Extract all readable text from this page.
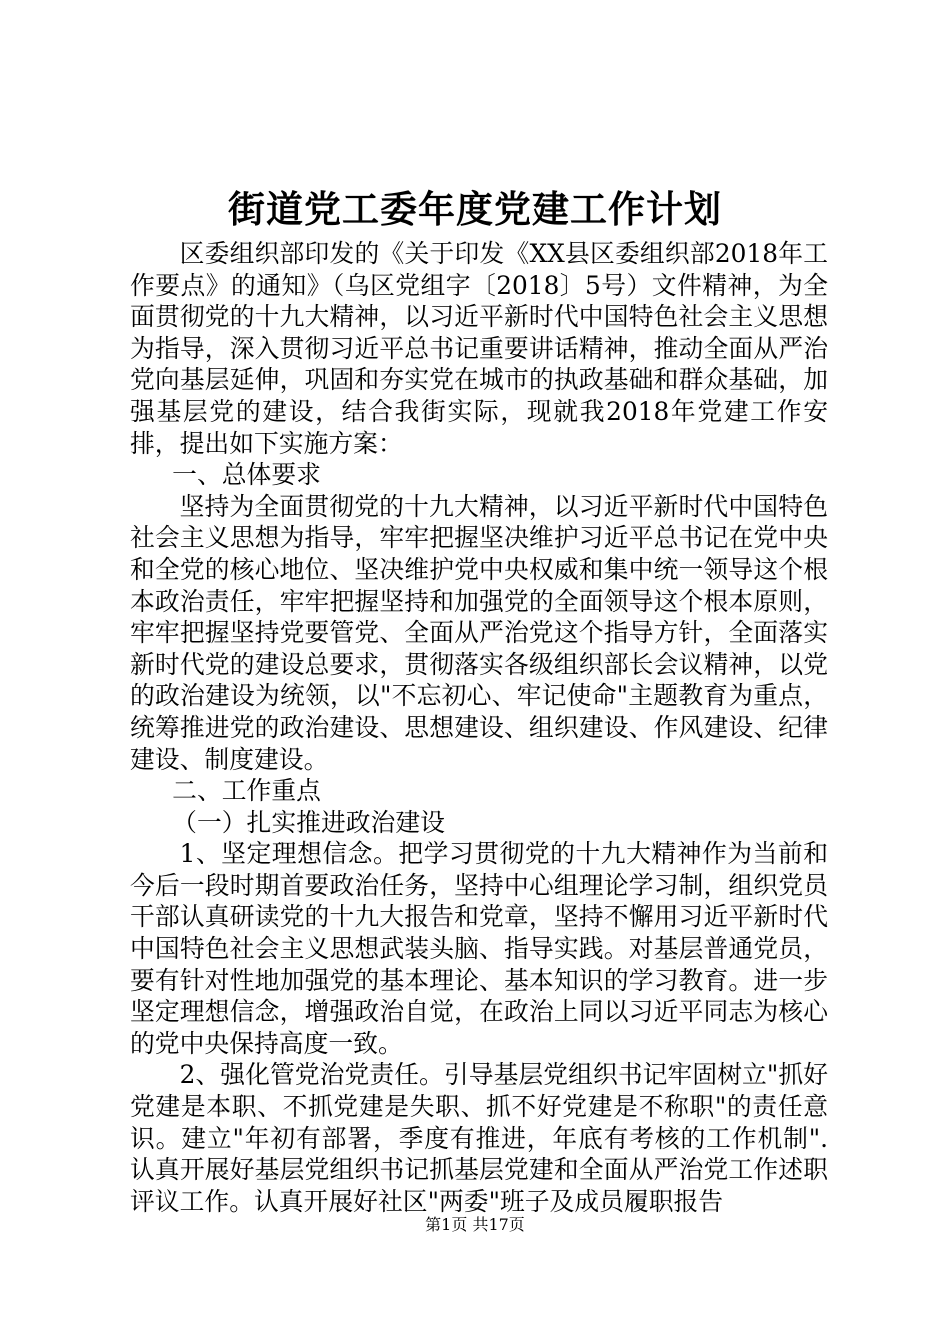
街道党工委年度党建工作计划

区委组织部印发的《关于印发《XX县区委组织部2018年工作要点》的通知》（乌区党组字〔2018〕5号）文件精神，为全面贯彻党的十九大精神，以习近平新时代中国特色社会主义思想为指导，深入贯彻习近平总书记重要讲话精神，推动全面从严治党向基层延伸，巩固和夯实党在城市的执政基础和群众基础，加强基层党的建设，结合我街实际，现就我2018年党建工作安排，提出如下实施方案：

一、总体要求

坚持为全面贯彻党的十九大精神，以习近平新时代中国特色社会主义思想为指导，牢牢把握坚决维护习近平总书记在党中央和全党的核心地位、坚决维护党中央权威和集中统一领导这个根本政治责任，牢牢把握坚持和加强党的全面领导这个根本原则，牢牢把握坚持党要管党、全面从严治党这个指导方针，全面落实新时代党的建设总要求，贯彻落实各级组织部长会议精神，以党的政治建设为统领，以"不忘初心、牢记使命"主题教育为重点，统筹推进党的政治建设、思想建设、组织建设、作风建设、纪律建设、制度建设。

二、工作重点

（一）扎实推进政治建设

1、坚定理想信念。把学习贯彻党的十九大精神作为当前和今后一段时期首要政治任务，坚持中心组理论学习制，组织党员干部认真研读党的十九大报告和党章，坚持不懈用习近平新时代中国特色社会主义思想武装头脑、指导实践。对基层普通党员，要有针对性地加强党的基本理论、基本知识的学习教育。进一步坚定理想信念，增强政治自觉，在政治上同以习近平同志为核心的党中央保持高度一致。

2、强化管党治党责任。引导基层党组织书记牢固树立"抓好党建是本职、不抓党建是失职、抓不好党建是不称职"的责任意识。建立"年初有部署，季度有推进，年底有考核的工作机制".认真开展好基层党组织书记抓基层党建和全面从严治党工作述职评议工作。认真开展好社区"两委"班子及成员履职报告

第1页 共17页
